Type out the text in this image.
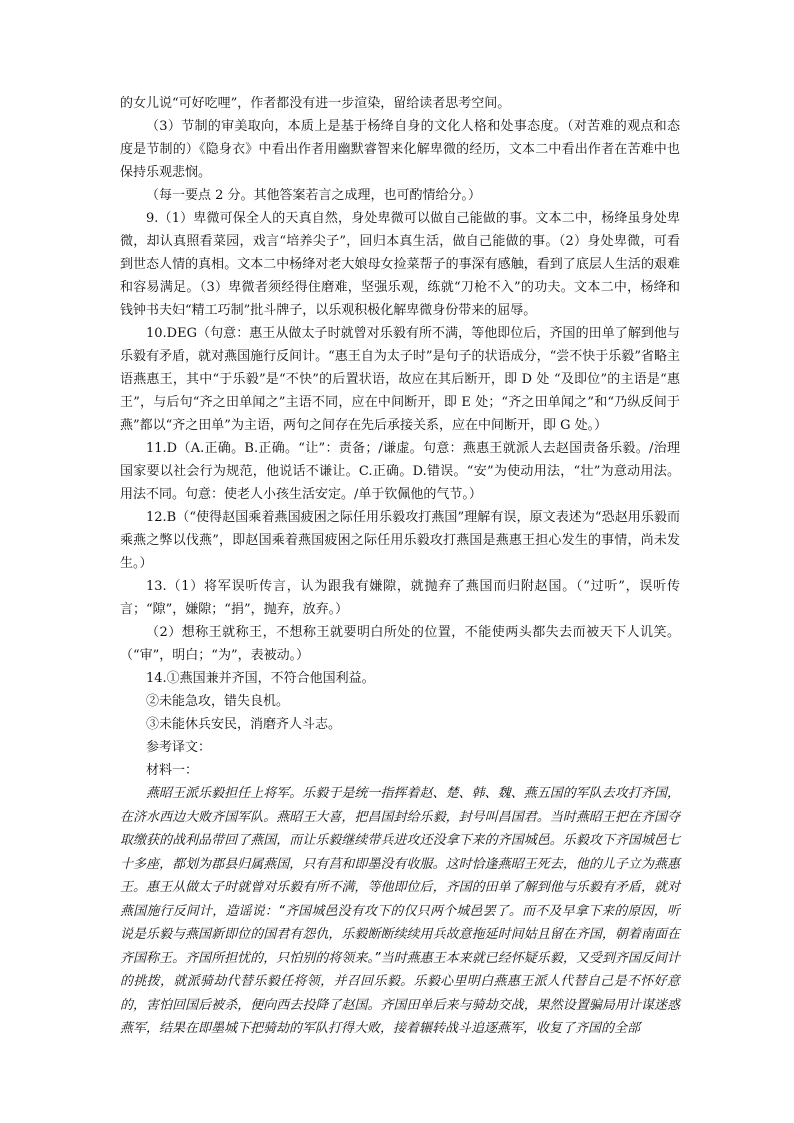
的女儿说“可好吃哩”，作者都没有进一步渲染，留给读者思考空间。

（3）节制的审美取向，本质上是基于杨绛自身的文化人格和处事态度。（对苦难的观点和态度是节制的）《隐身衣》中看出作者用幽默睿智来化解卑微的经历，文本二中看出作者在苦难中也保持乐观悲悯。

（每一要点 2 分。其他答案若言之成理，也可酌情给分。）

9.（1）卑微可保全人的天真自然，身处卑微可以做自己能做的事。文本二中，杨绛虽身处卑微，却认真照看菜园，戏言“培养尖子”，回归本真生活，做自己能做的事。（2）身处卑微，可看到世态人情的真相。文本二中杨绛对老大娘母女捡菜帮子的事深有感触，看到了底层人生活的艰难和容易满足。（3）卑微者须经得住磨难，坚强乐观，练就“刀枪不入”的功夫。文本二中，杨绛和钱钟书夫妇“精工巧制”批斗牌子，以乐观积极化解卑微身份带来的屈辱。

10.DEG（句意：惠王从做太子时就曾对乐毅有所不满，等他即位后，齐国的田单了解到他与乐毅有矛盾，就对燕国施行反间计。“惠王自为太子时”是句子的状语成分，“尝不快于乐毅”省略主语燕惠王，其中“于乐毅”是“不快”的后置状语，故应在其后断开，即 D 处 “及即位”的主语是“惠王”，与后句“齐之田单闻之”主语不同，应在中间断开，即 E 处；“齐之田单闻之”和“乃纵反间于燕”都以“齐之田单”为主语，两句之间存在先后承接关系，应在中间断开，即 G 处。）

11.D（A.正确。B.正确。“让”：责备；/谦虚。句意：燕惠王就派人去赵国责备乐毅。/治理国家要以社会行为规范，他说话不谦让。C.正确。D.错误。“安”为使动用法，“壮”为意动用法。用法不同。句意：使老人小孩生活安定。/单于钦佩他的气节。）

12.B（“使得赵国乘着燕国疲困之际任用乐毅攻打燕国”理解有误，原文表述为“恐赵用乐毅而乘燕之弊以伐燕”，即赵国乘着燕国疲困之际任用乐毅攻打燕国是燕惠王担心发生的事情，尚未发生。）

13.（1）将军误听传言，认为跟我有嫌隙，就抛弃了燕国而归附赵国。（“过听”，误听传言；“隙”，嫌隙；“捐”，抛弃，放弃。）

（2）想称王就称王，不想称王就要明白所处的位置，不能使两头都失去而被天下人讥笑。（“审”，明白；“为”，表被动。）

14.①燕国兼并齐国，不符合他国利益。

②未能急攻，错失良机。

③未能休兵安民，消磨齐人斗志。

参考译文：

材料一：

燕昭王派乐毅担任上将军。乐毅于是统一指挥着赵、楚、韩、魏、燕五国的军队去攻打齐国，在济水西边大败齐国军队。燕昭王大喜，把昌国封给乐毅，封号叫昌国君。当时燕昭王把在齐国夺取缴获的战利品带回了燕国，而让乐毅继续带兵进攻还没拿下来的齐国城邑。乐毅攻下齐国城邑七十多座，都划为郡县归属燕国，只有莒和即墨没有收服。这时恰逢燕昭王死去，他的儿子立为燕惠王。惠王从做太子时就曾对乐毅有所不满，等他即位后，齐国的田单了解到他与乐毅有矛盾，就对燕国施行反间计，造谣说：“齐国城邑没有攻下的仅只两个城邑罢了。而不及早拿下来的原因，听说是乐毅与燕国新即位的国君有怨仇，乐毅断断续续用兵故意拖延时间姑且留在齐国，朝着南面在齐国称王。齐国所担忧的，只怕别的将领来。”当时燕惠王本来就已经怀疑乐毅，又受到齐国反间计的挑拨，就派骑劫代替乐毅任将领，并召回乐毅。乐毅心里明白燕惠王派人代替自己是不怀好意的，害怕回国后被杀，便向西去投降了赵国。齐国田单后来与骑劫交战，果然设置骗局用计谋迷惑燕军，结果在即墨城下把骑劫的军队打得大败，接着辗转战斗追逐燕军，收复了齐国的全部
